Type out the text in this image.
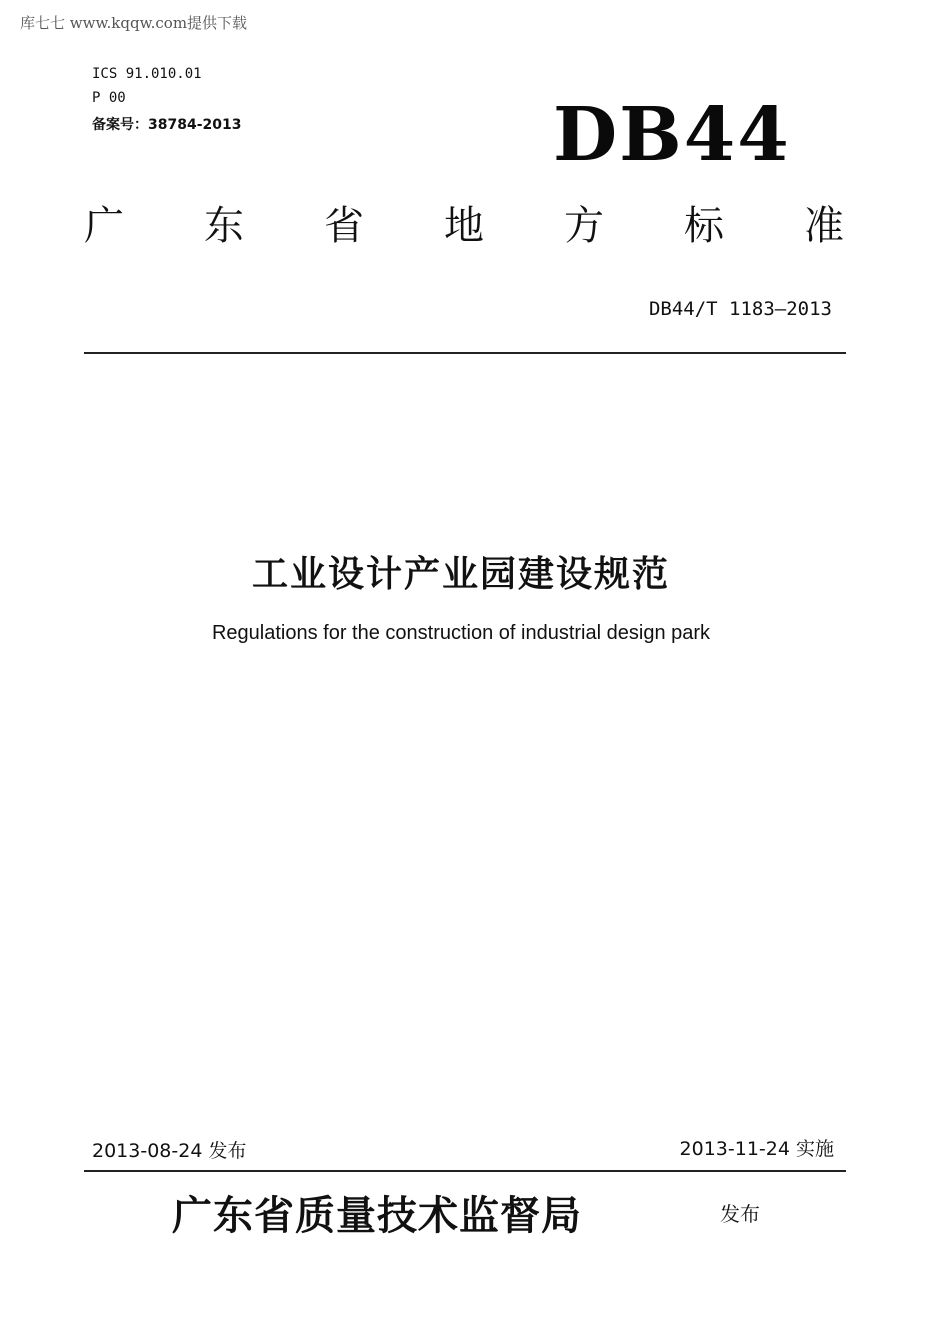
库七七 www.kqqw.com提供下载
ICS 91.010.01
P 00
备案号：38784-2013	DB44
广 东 省 地 方 标 准
DB44/T 1183—2013
工业设计产业园建设规范
Regulations for the construction of industrial design park
2013-08-24 发布	2013-11-24 实施
广东省质量技术监督局	发布
